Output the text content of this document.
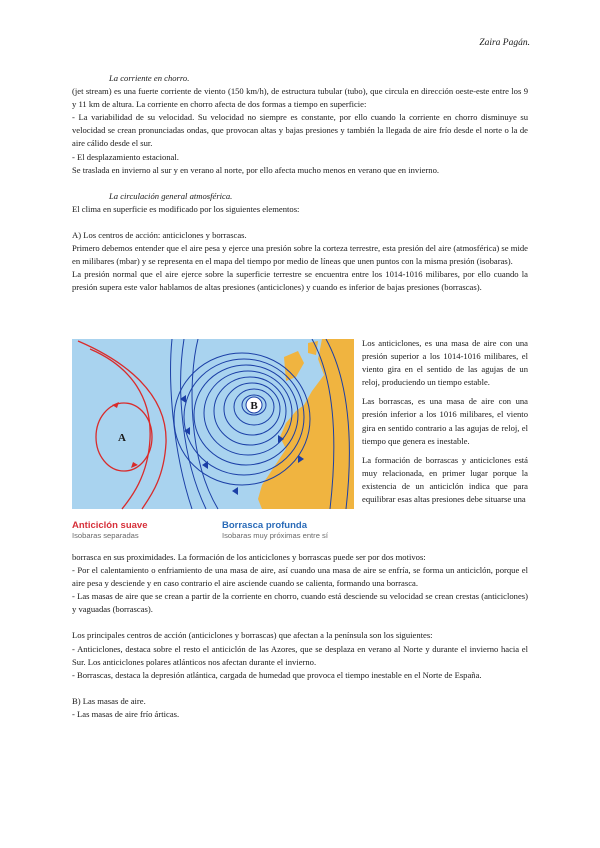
Zaira Pagán.

La corriente en chorro.

(jet stream) es una fuerte corriente de viento (150 km/h), de estructura tubular (tubo), que circula en dirección oeste-este entre los 9 y 11 km de altura. La corriente en chorro afecta de dos formas a tiempo en superficie:

- La variabilidad de su velocidad. Su velocidad no siempre es constante, por ello cuando la corriente en chorro disminuye su velocidad se crean pronunciadas ondas, que provocan altas y bajas presiones y también la llegada de aire frío desde el norte o la de aire cálido desde el sur.

- El desplazamiento estacional.

Se traslada en invierno al sur y en verano al norte, por ello afecta mucho menos en verano que en invierno.

La circulación general atmosférica.

El clima en superficie es modificado por los siguientes elementos:

A) Los centros de acción: anticiclones y borrascas.

Primero debemos entender que el aire pesa y ejerce una presión sobre la corteza terrestre, esta presión del aire (atmosférica) se mide en milibares (mbar) y se representa en el mapa del tiempo por medio de líneas que unen puntos con la misma presión (isobaras).

La presión normal que el aire ejerce sobre la superficie terrestre se encuentra entre los 1014-1016 milibares, por ello cuando la presión supera este valor hablamos de altas presiones (anticiclones) y cuando es inferior de bajas presiones (borrascas).

B
A
Anticiclón suave
Isobaras separadas
Borrasca profunda
Isobaras muy próximas entre sí

Los anticiclones, es una masa de aire con una presión superior a los 1014-1016 milibares, el viento gira en el sentido de las agujas de un reloj, produciendo un tiempo estable.

Las borrascas, es una masa de aire con una presión inferior a los 1016 milibares, el viento gira en sentido contrario a las agujas de reloj, el tiempo que genera es inestable.

La formación de borrascas y anticiclones está muy relacionada, en primer lugar porque la existencia de un anticiclón indica que para equilibrar esas altas presiones debe situarse una

borrasca en sus proximidades. La formación de los anticiclones y borrascas puede ser por dos motivos:

- Por el calentamiento o enfriamiento de una masa de aire, así cuando una masa de aire se enfría, se forma un anticiclón, porque el aire pesa y desciende y en caso contrario el aire asciende cuando se calienta, formando una borrasca.

- Las masas de aire que se crean a partir de la corriente en chorro, cuando está desciende su velocidad se crean crestas (anticiclones) y vaguadas (borrascas).

Los principales centros de acción (anticiclones y borrascas) que afectan a la península son los siguientes:

- Anticiclones, destaca sobre el resto el anticiclón de las Azores, que se desplaza en verano al Norte y durante el invierno hacia el Sur. Los anticiclones polares atlánticos nos afectan durante el invierno.

- Borrascas, destaca la depresión atlántica, cargada de humedad que provoca el tiempo inestable en el Norte de España.

B) Las masas de aire.

- Las masas de aire frío árticas.
